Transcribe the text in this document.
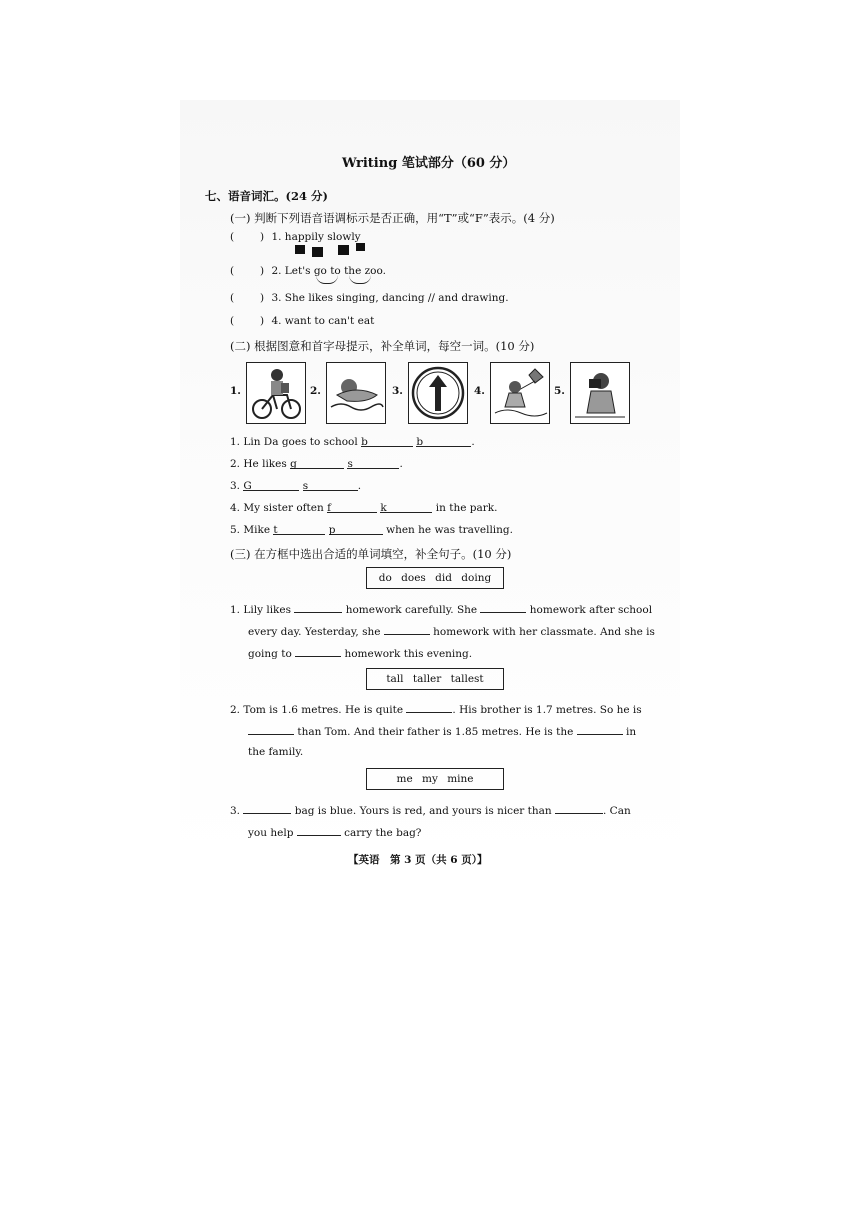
Writing 笔试部分（60 分）
七、语音词汇。(24 分)
(一) 判断下列语音语调标示是否正确，用“T”或“F”表示。(4 分)
( ) 1. happily slowly
( ) 2. Let's go to the zoo.
( ) 3. She likes singing, dancing ∕∕ and drawing.
( ) 4. want to can't eat
(二) 根据图意和首字母提示，补全单词，每空一词。(10 分)
1.	2.	3.	4.	5.
1. Lin Da goes to school b	b	.
2. He likes g	s	.
3. G	s	.
4. My sister often f	k	in the park.
5. Mike t	p	when he was travelling.
(三) 在方框中选出合适的单词填空，补全句子。(10 分)
do does did doing
1. Lily likes	homework carefully. She	homework after school
every day. Yesterday, she	homework with her classmate. And she is
going to	homework this evening.
tall taller tallest
2. Tom is 1.6 metres. He is quite	. His brother is 1.7 metres. So he is
than Tom. And their father is 1.85 metres. He is the	in
the family.
me my mine
3.	bag is blue. Yours is red, and yours is nicer than	. Can
you help	carry the bag?
【英语　第 3 页（共 6 页）】
